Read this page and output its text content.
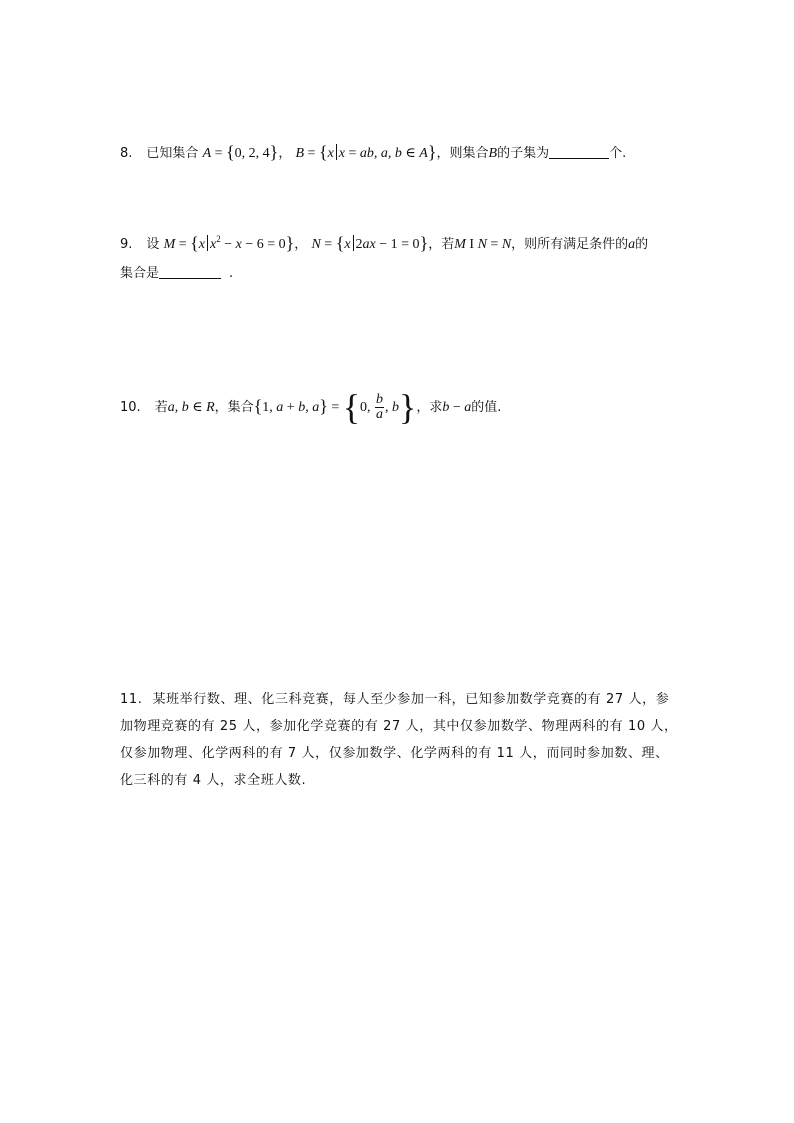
8. 已知集合 A = {0, 2, 4}， B = {x x = ab, a, b ∈ A}，则集合B的子集为	个.
9. 设 M = {x $x^2 - x - 6 = 0$}， N = {x 2ax − 1 = 0}，若M I N = N，则所有满足条件的a的
集合是	.
10. 若a, b ∈ R，集合{1, a + b, a} = {0, $\frac{b}{a}$ , b}，求b − a的值.
11. 某班举行数、理、化三科竞赛，每人至少参加一科，已知参加数学竞赛的有 27 人，参加物理竞赛的有 25 人，参加化学竞赛的有 27 人，其中仅参加数学、物理两科的有 10 人，仅参加物理、化学两科的有 7 人，仅参加数学、化学两科的有 11 人，而同时参加数、理、化三科的有 4 人，求全班人数.
